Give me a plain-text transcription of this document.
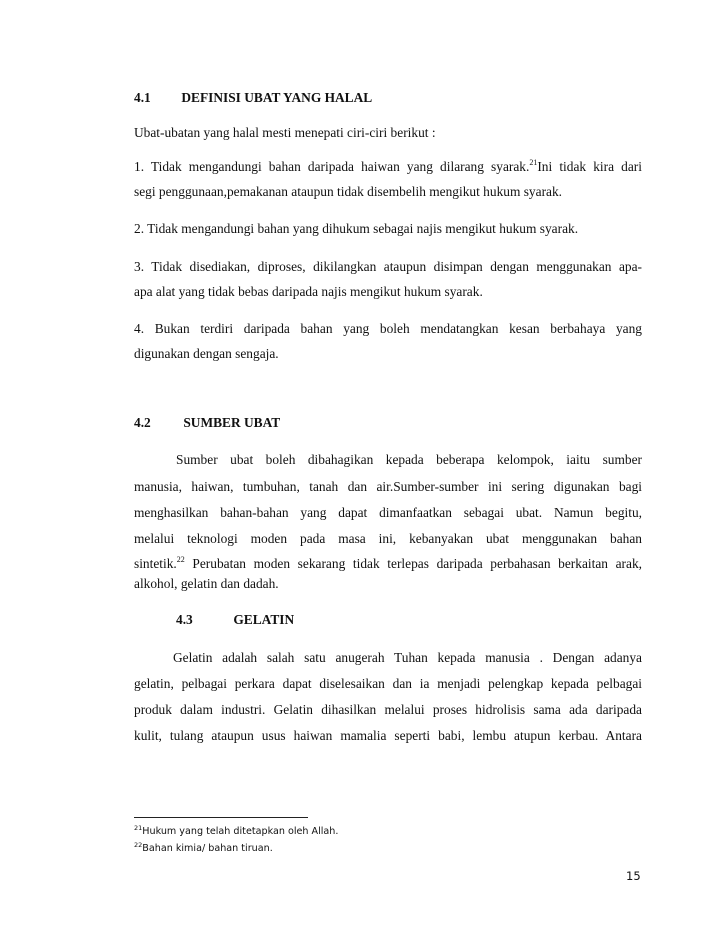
4.1 DEFINISI UBAT YANG HALAL
Ubat-ubatan yang halal mesti menepati ciri-ciri berikut :
1. Tidak mengandungi bahan daripada haiwan yang dilarang syarak.$^{21}$Ini tidak kira dari
segi penggunaan,pemakanan ataupun tidak disembelih mengikut hukum syarak.
2. Tidak mengandungi bahan yang dihukum sebagai najis mengikut hukum syarak.
3. Tidak disediakan, diproses, dikilangkan ataupun disimpan dengan menggunakan apa-
apa alat yang tidak bebas daripada najis mengikut hukum syarak.
4. Bukan terdiri daripada bahan yang boleh mendatangkan kesan berbahaya yang
digunakan dengan sengaja.
4.2 SUMBER UBAT
Sumber ubat boleh dibahagikan kepada beberapa kelompok, iaitu sumber
manusia, haiwan, tumbuhan, tanah dan air.Sumber-sumber ini sering digunakan bagi
menghasilkan bahan-bahan yang dapat dimanfaatkan sebagai ubat. Namun begitu,
melalui teknologi moden pada masa ini, kebanyakan ubat menggunakan bahan
sintetik.$^{22}$ Perubatan moden sekarang tidak terlepas daripada perbahasan berkaitan arak,
alkohol, gelatin dan dadah.
4.3	GELATIN
Gelatin adalah salah satu anugerah Tuhan kepada manusia . Dengan adanya
gelatin, pelbagai perkara dapat diselesaikan dan ia menjadi pelengkap kepada pelbagai
produk dalam industri. Gelatin dihasilkan melalui proses hidrolisis sama ada daripada
kulit, tulang ataupun usus haiwan mamalia seperti babi, lembu atupun kerbau. Antara
$^{21}$Hukum yang telah ditetapkan oleh Allah.
$^{22}$Bahan kimia/ bahan tiruan.
15
